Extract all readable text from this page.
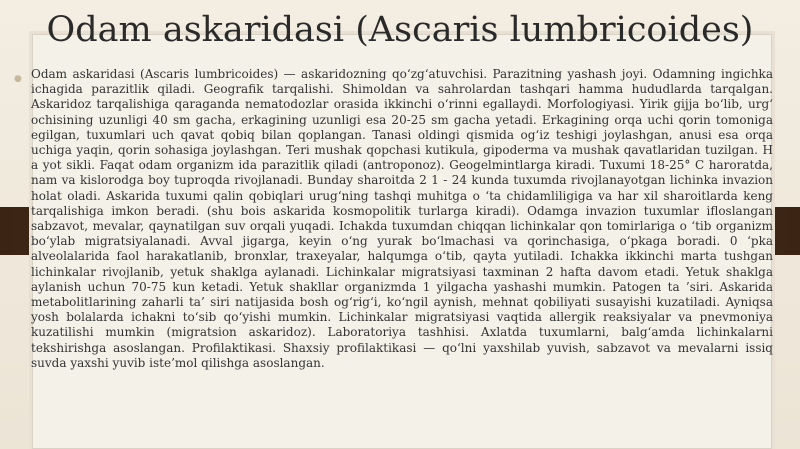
Odam askaridasi (Ascaris lumbricoides)
● Odam askaridasi (Ascaris lumbricoides) — askaridozning qo‘zg‘atuvchisi. Parazitning yashash joyi. Odamning ingichka ichagida parazitlik qiladi. Geografik tarqalishi. Shimoldan va sahrolardan tashqari hamma hududlarda tarqalgan. Askaridoz tarqalishiga qaraganda nematodozlar orasida ikkinchi o‘rinni egallaydi. Morfologiyasi. Yirik gijja bo‘lib, urg‘ ochisining uzunligi 40 sm gacha, erkagining uzunligi esa 20-25 sm gacha yetadi. Erkagining orqa uchi qorin tomoniga egilgan, tuxumlari uch qavat qobiq bilan qoplangan. Tanasi oldingi qismida og‘iz teshigi joylashgan, anusi esa orqa uchiga yaqin, qorin sohasiga joylashgan. Teri mushak qopchasi kutikula, gipoderma va mushak qavatlaridan tuzilgan. H a yot sikli. Faqat odam organizm ida parazitlik qiladi (antroponoz). Geogelmintlarga kiradi. Tuxumi 18-25° C haroratda, nam va kislorodga boy tuproqda rivojlanadi. Bunday sharoitda 2 1 - 24 kunda tuxumda rivojlanayotgan lichinka invazion holat oladi. Askarida tuxumi qalin qobiqlari urug‘ning tashqi muhitga o ‘ta chidamliligiga va har xil sharoitlarda keng tarqalishiga imkon beradi. (shu bois askarida kosmopolitik turlarga kiradi). Odamga invazion tuxumlar ifloslangan sabzavot, mevalar, qaynatilgan suv orqali yuqadi. Ichakda tuxumdan chiqqan lichinkalar qon tomirlariga o ‘tib organizm bo‘ylab migratsiyalanadi. Avval jigarga, keyin o‘ng yurak bo‘lmachasi va qorinchasiga, o‘pkaga boradi. 0 ‘pka alveolalarida faol harakatlanib, bronxlar, traxeyalar, halqumga o‘tib, qayta yutiladi. Ichakka ikkinchi marta tushgan lichinkalar rivojlanib, yetuk shaklga aylanadi. Lichinkalar migratsiyasi taxminan 2 hafta davom etadi. Yetuk shaklga aylanish uchun 70-75 kun ketadi. Yetuk shakllar organizmda 1 yilgacha yashashi mumkin. Patogen ta ’siri. Askarida metabolitlarining zaharli ta’ siri natijasida bosh og‘rig‘i, ko‘ngil aynish, mehnat qobiliyati susayishi kuzatiladi. Ayniqsa yosh bolalarda ichakni to‘sib qo‘yishi mumkin. Lichinkalar migratsiyasi vaqtida allergik reaksiyalar va pnevmoniya kuzatilishi mumkin (migratsion askaridoz). Laboratoriya tashhisi. Axlatda tuxumlarni, balg‘amda lichinkalarni tekshirishga asoslangan. Profilaktikasi. Shaxsiy profilaktikasi — qo‘lni yaxshilab yuvish, sabzavot va mevalarni issiq suvda yaxshi yuvib iste’mol qilishga asoslangan.
